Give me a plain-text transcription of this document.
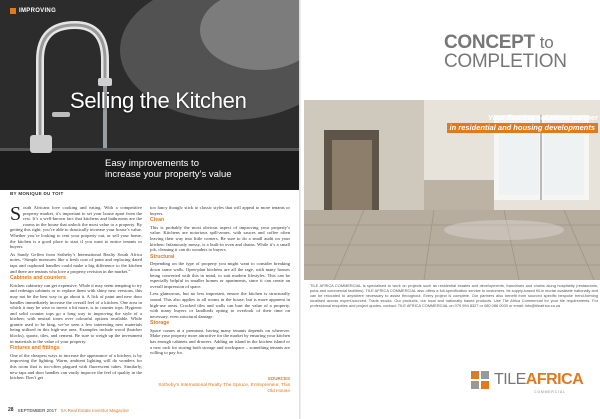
IMPROVING
Selling the Kitchen
Easy improvements to
increase your property’s value
BY MONIQUE DU TOIT

South Africans love cooking and eating. With a competitive property market, it’s important to set your house apart from the rest. It’s a well-known fact that kitchens and bathrooms are the rooms in the house that unlock the most value to a property. By getting this right, you’re able to drastically increase your house’s value. Whether you’re looking to rent your property out, or sell your home, the kitchen is a good place to start if you want to entice tenants or buyers.

As Sandy Geffen from Sotheby’s International Realty South Africa notes, “Simple measures like a fresh coat of paint and replacing dated taps and cupboard handles could make a big difference to the kitchen and there are tenants who love a property revision in the market.”

Cabinets and counters

Kitchen cabinetry can get expensive. While it may seem tempting to try and redesign cabinets or to replace them with shiny new versions, this may not be the best way to go about it. A lick of paint and new door handles immediately increase the overall feel of a kitchen. One area in which it may be wise to invest a bit more, is in counter tops. Hygienic and solid counter tops go a long way to improving the style of a kitchen; with neutral tones over colourful options available. While granite used to be king, we’ve seen a few interesting new materials being utilised in this high-use area. Examples include wood (butcher blocks), quartz, tiles, and cement. Be sure to weigh up the investment in materials to the value of your property.

Fixtures and fittings

One of the cheapest ways to increase the appearance of a kitchen, is by improving the lighting. Warm, ambient lighting will do wonders for this room that is too-often plagued with fluorescent tubes. Similarly, new taps and door handles can vastly improve the feel of quality in the kitchen. Don’t get

too fancy though: stick to classic styles that will appeal to more tenants or buyers.

Clean

This is probably the most obvious aspect of improving your property’s value. Kitchens are notorious spill-zones, with sauces and coffee often leaving their way into little corners. Be sure to do a small audit on your kitchen: Infamously messy, is a built-in oven and drains. While it’s a small job, cleaning it can do wonders to buyers.

Structural

Depending on the type of property you might want to consider breaking down some walls. Open-plan kitchens are all the rage, with many houses being converted with this in mind, to suit modern lifestyles. This can be especially helpful in smaller homes or apartments, since it can create an overall impression of space.

Less glamorous, but no less important, ensure the kitchen is structurally sound. This also applies to all rooms in the house, but is more apparent in high-use areas. Cracked tiles and walls can hurt the value of a property, with many buyers or landlords opting to overlook of their time on necessary, even structural damage.

Storage

Space comes at a premium, having many tenants depends on wherever. Make your property more attractive for the market by ensuring your kitchen has enough cabinets and drawers. Adding an island in the kitchen island or a new rack for storing both storage and workspace – something tenants are willing to pay for.

SOURCES
Sotheby’s International Realty The Spruce, Entrepreneur, This Old House
28 SEPTEMBER 2017 SA Real Estate Investor Magazine
CONCEPT to
COMPLETION
Your flooring solutions partner
in residential and housing developments
TILE AFRICA COMMERCIAL is specialised to work on projects such as residential estates and developments, franchises and chains along hospitality (restaurants, pubs and commercial facilities). TILE AFRICA COMMERCIAL also offers a full-specification service to customers. Its supply-based fill-in mortar available nationally and can be relocated to anywhere necessary to assist throughout. Every project is complete. Our partners also benefit from sourced specific bespoke trend-forming localised across expert-sourced. Trade stocks. Our products, our local and nationally based products. Use Tile Africa Commercial for your tile requirements. For professional enquiries and project quotes, contact: TILE AFRICA COMMERCIAL on 079 994 8327 or 080 088 0000 or email: info@tileafrica.co.za
TILEAFRICA
COMMERCIAL
